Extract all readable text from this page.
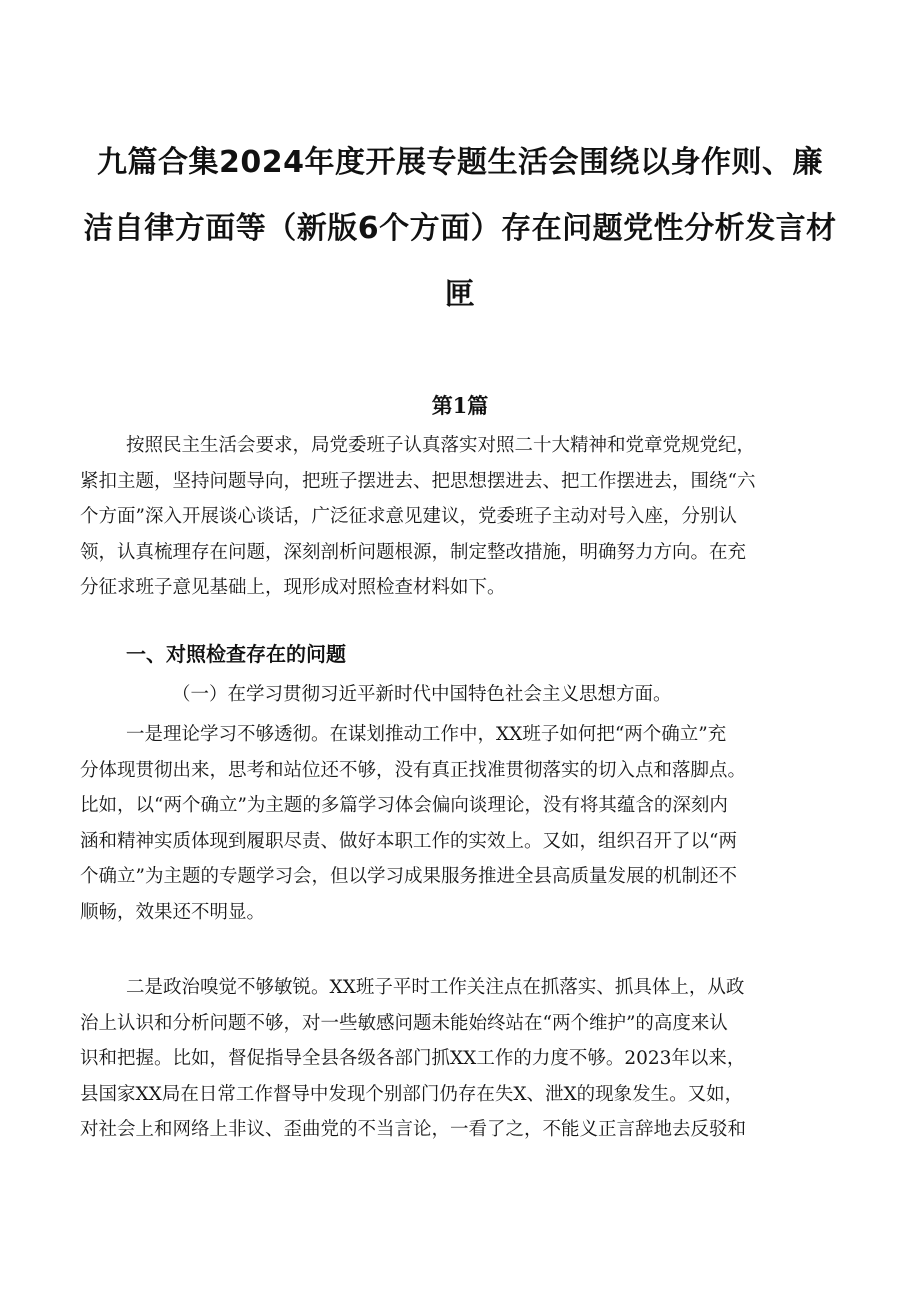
九篇合集2024年度开展专题生活会围绕以身作则、廉
洁自律方面等（新版6个方面）存在问题党性分析发言材
匣
第1篇

按照民主生活会要求，局党委班子认真落实对照二十大精神和党章党规党纪，
紧扣主题，坚持问题导向，把班子摆进去、把思想摆进去、把工作摆进去，围绕“六
个方面”深入开展谈心谈话，广泛征求意见建议，党委班子主动对号入座，分别认
领，认真梳理存在问题，深刻剖析问题根源，制定整改措施，明确努力方向。在充
分征求班子意见基础上，现形成对照检查材料如下。

一、对照检查存在的问题
（一）在学习贯彻习近平新时代中国特色社会主义思想方面。

一是理论学习不够透彻。在谋划推动工作中，XX班子如何把“两个确立”充
分体现贯彻出来，思考和站位还不够，没有真正找准贯彻落实的切入点和落脚点。
比如，以“两个确立”为主题的多篇学习体会偏向谈理论，没有将其蕴含的深刻内
涵和精神实质体现到履职尽责、做好本职工作的实效上。又如，组织召开了以“两
个确立”为主题的专题学习会，但以学习成果服务推进全县高质量发展的机制还不
顺畅，效果还不明显。

二是政治嗅觉不够敏锐。XX班子平时工作关注点在抓落实、抓具体上，从政
治上认识和分析问题不够，对一些敏感问题未能始终站在“两个维护”的高度来认
识和把握。比如，督促指导全县各级各部门抓XX工作的力度不够。2023年以来，
县国家XX局在日常工作督导中发现个别部门仍存在失X、泄X的现象发生。又如，
对社会上和网络上非议、歪曲党的不当言论，一看了之，不能义正言辞地去反驳和
